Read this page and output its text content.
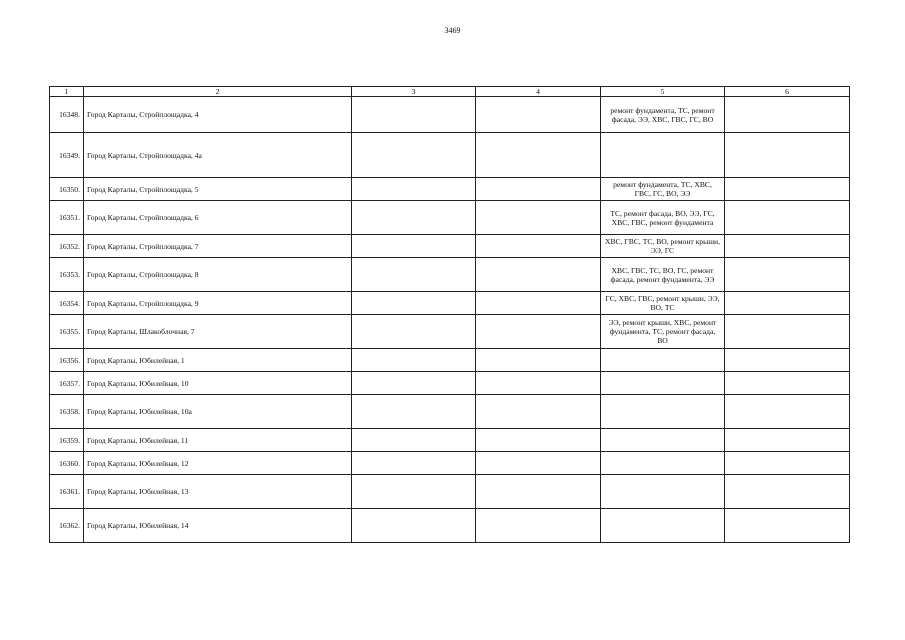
3469
1	2	3	4	5	6
16348.	Город Карталы, Стройплощадка, 4			ремонт фундамента, ТС, ремонт фасада, ЭЭ, ХВС, ГВС, ГС, ВО	
16349.	Город Карталы, Стройплощадка, 4а				
16350.	Город Карталы, Стройплощадка, 5			ремонт фундамента, ТС, ХВС, ГВС, ГС, ВО, ЭЭ	
16351.	Город Карталы, Стройплощадка, 6			ТС, ремонт фасада, ВО, ЭЭ, ГС, ХВС, ГВС, ремонт фундамента	
16352.	Город Карталы, Стройплощадка, 7			ХВС, ГВС, ТС, ВО, ремонт крыши, ЭЭ, ГС	
16353.	Город Карталы, Стройплощадка, 8			ХВС, ГВС, ТС, ВО, ГС, ремонт фасада, ремонт фундамента, ЭЭ	
16354.	Город Карталы, Стройплощадка, 9			ГС, ХВС, ГВС, ремонт крыши, ЭЭ, ВО, ТС	
16355.	Город Карталы, Шлакоблочная, 7			ЭЭ, ремонт крыши, ХВС, ремонт фундамента, ТС, ремонт фасада, ВО	
16356.	Город Карталы, Юбилейная, 1				
16357.	Город Карталы, Юбилейная, 10				
16358.	Город Карталы, Юбилейная, 10а				
16359.	Город Карталы, Юбилейная, 11				
16360.	Город Карталы, Юбилейная, 12				
16361.	Город Карталы, Юбилейная, 13				
16362.	Город Карталы, Юбилейная, 14				
